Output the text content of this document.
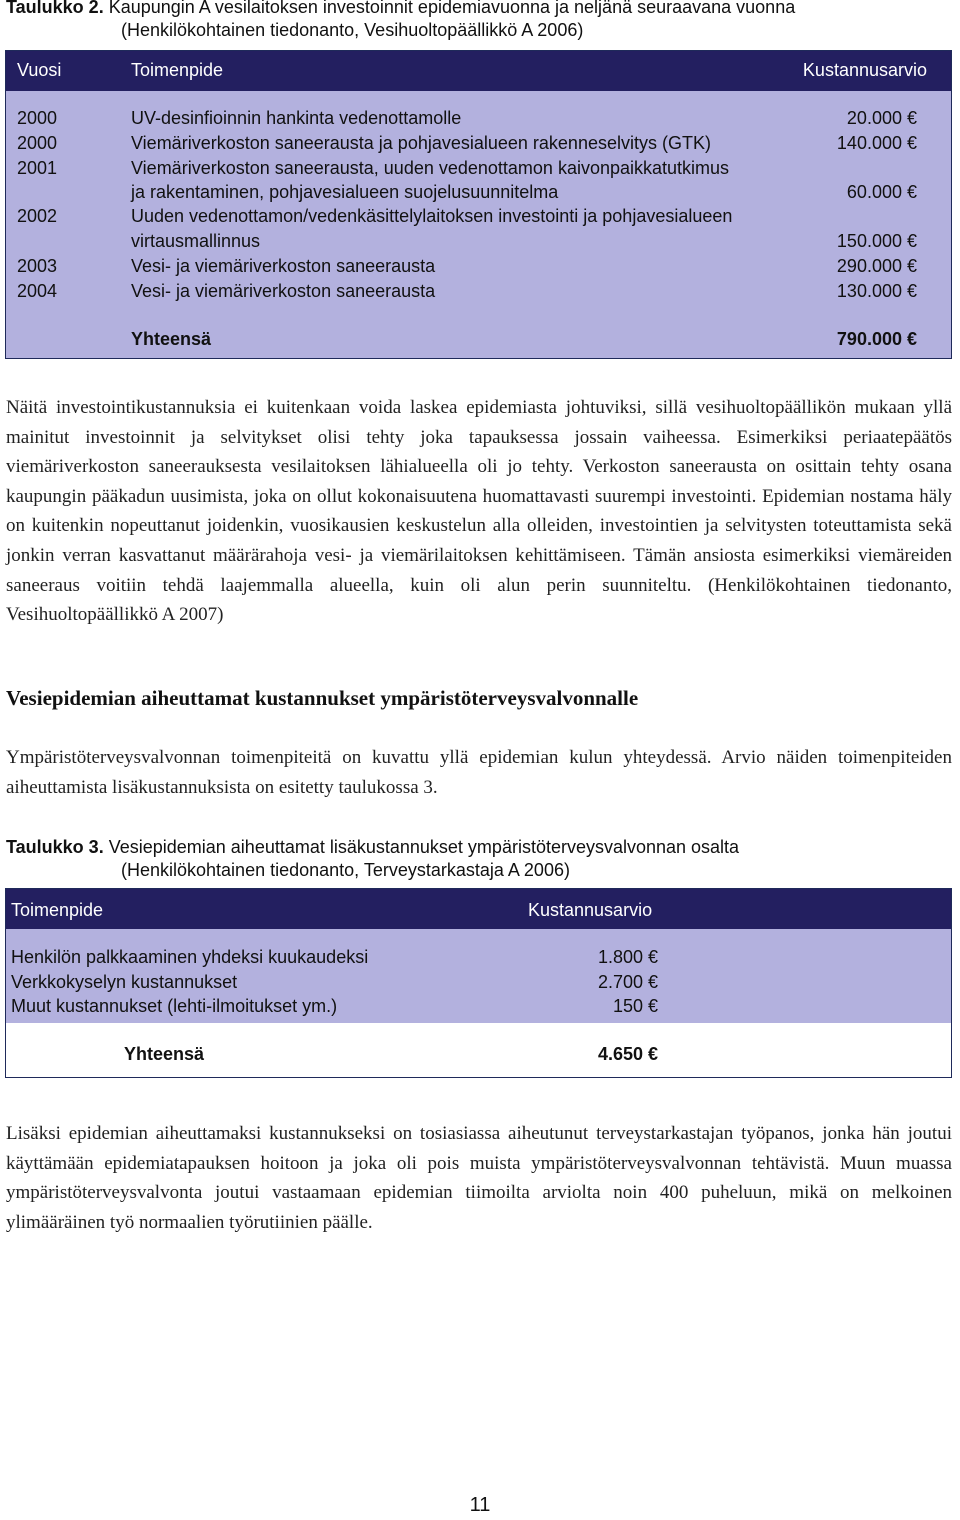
Taulukko 2. Kaupungin A vesilaitoksen investoinnit epidemiavuonna ja neljänä seuraavana vuonna
(Henkilökohtainen tiedonanto, Vesihuoltopäällikkö A 2006)
Vuosi	Toimenpide	Kustannusarvio
2000	UV-desinfioinnin hankinta vedenottamolle	20.000 €
2000	Viemäriverkoston saneerausta ja pohjavesialueen rakenneselvitys (GTK)	140.000 €
2001	Viemäriverkoston saneerausta, uuden vedenottamon kaivonpaikkatutkimus
ja rakentaminen, pohjavesialueen suojelusuunnitelma	60.000 €
2002	Uuden vedenottamon/vedenkäsittelylaitoksen investointi ja pohjavesialueen
virtausmallinnus	150.000 €
2003	Vesi- ja viemäriverkoston saneerausta	290.000 €
2004	Vesi- ja viemäriverkoston saneerausta	130.000 €
Yhteensä	790.000 €
Näitä investointikustannuksia ei kuitenkaan voida laskea epidemiasta johtuviksi, sillä vesihuoltopäällikön mukaan yllä mainitut investoinnit ja selvitykset olisi tehty joka tapauksessa jossain vaiheessa. Esimerkiksi periaatepäätös viemäriverkoston saneerauksesta vesilaitoksen lähialueella oli jo tehty. Verkoston saneerausta on osittain tehty osana kaupungin pääkadun uusimista, joka on ollut kokonaisuutena huomattavasti suurempi investointi. Epidemian nostama häly on kuitenkin nopeuttanut joidenkin, vuosikausien keskustelun alla olleiden, investointien ja selvitysten toteuttamista sekä jonkin verran kasvattanut määrärahoja vesi- ja viemärilaitoksen kehittämiseen. Tämän ansiosta esimerkiksi viemäreiden saneeraus voitiin tehdä laajemmalla alueella, kuin oli alun perin suunniteltu. (Henkilökohtainen tiedonanto, Vesihuoltopäällikkö A 2007)
Vesiepidemian aiheuttamat kustannukset ympäristöterveysvalvonnalle
Ympäristöterveysvalvonnan toimenpiteitä on kuvattu yllä epidemian kulun yhteydessä. Arvio näiden toimenpiteiden aiheuttamista lisäkustannuksista on esitetty taulukossa 3.
Taulukko 3. Vesiepidemian aiheuttamat lisäkustannukset ympäristöterveysvalvonnan osalta
(Henkilökohtainen tiedonanto, Terveystarkastaja A 2006)
Toimenpide	Kustannusarvio
Henkilön palkkaaminen yhdeksi kuukaudeksi	1.800 €
Verkkokyselyn kustannukset	2.700 €
Muut kustannukset (lehti-ilmoitukset ym.)	150 €
Yhteensä	4.650 €
Lisäksi epidemian aiheuttamaksi kustannukseksi on tosiasiassa aiheutunut terveystarkastajan työpanos, jonka hän joutui käyttämään epidemiatapauksen hoitoon ja joka oli pois muista ympäristöterveysvalvonnan tehtävistä. Muun muassa ympäristöterveysvalvonta joutui vastaamaan epidemian tiimoilta arviolta noin 400 puheluun, mikä on melkoinen ylimääräinen työ normaalien työrutiinien päälle.
11
